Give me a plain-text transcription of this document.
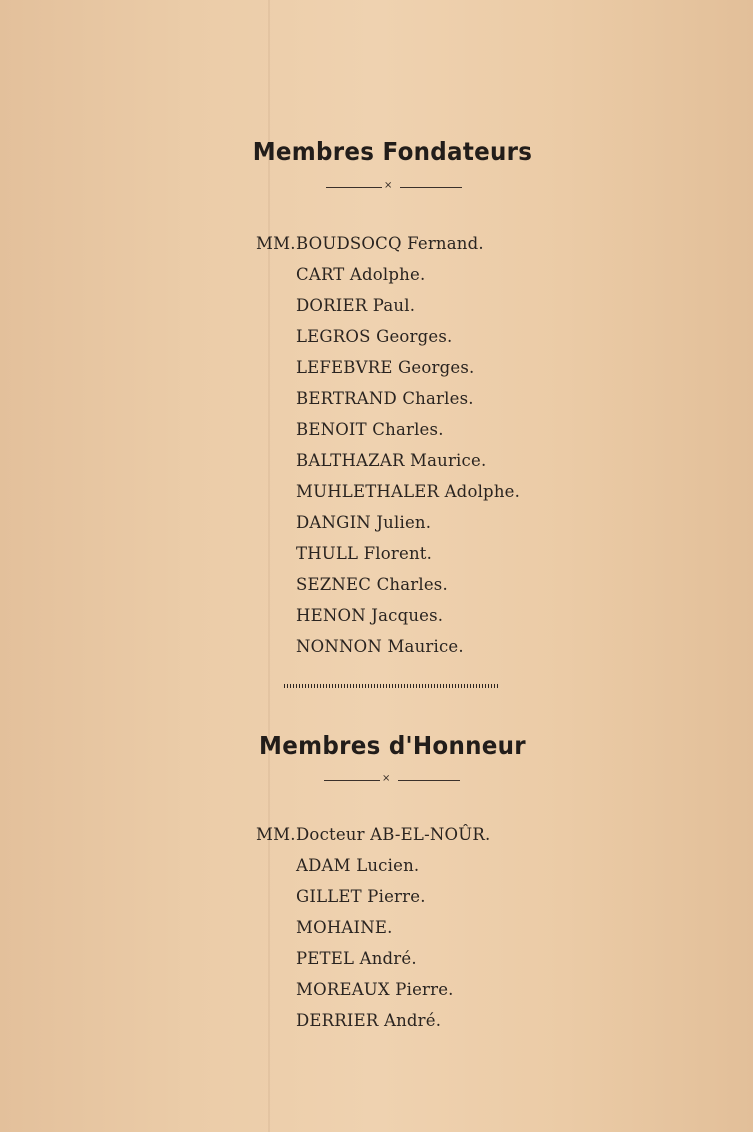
Membres Fondateurs
⨯
MM.BOUDSOCQ Fernand.
CART Adolphe.
DORIER Paul.
LEGROS Georges.
LEFEBVRE Georges.
BERTRAND Charles.
BENOIT Charles.
BALTHAZAR Maurice.
MUHLETHALER Adolphe.
DANGIN Julien.
THULL Florent.
SEZNEC Charles.
HENON Jacques.
NONNON Maurice.
Membres d'Honneur
⨯
MM.Docteur AB-EL-NOÛR.
ADAM Lucien.
GILLET Pierre.
MOHAINE.
PETEL André.
MOREAUX Pierre.
DERRIER André.
